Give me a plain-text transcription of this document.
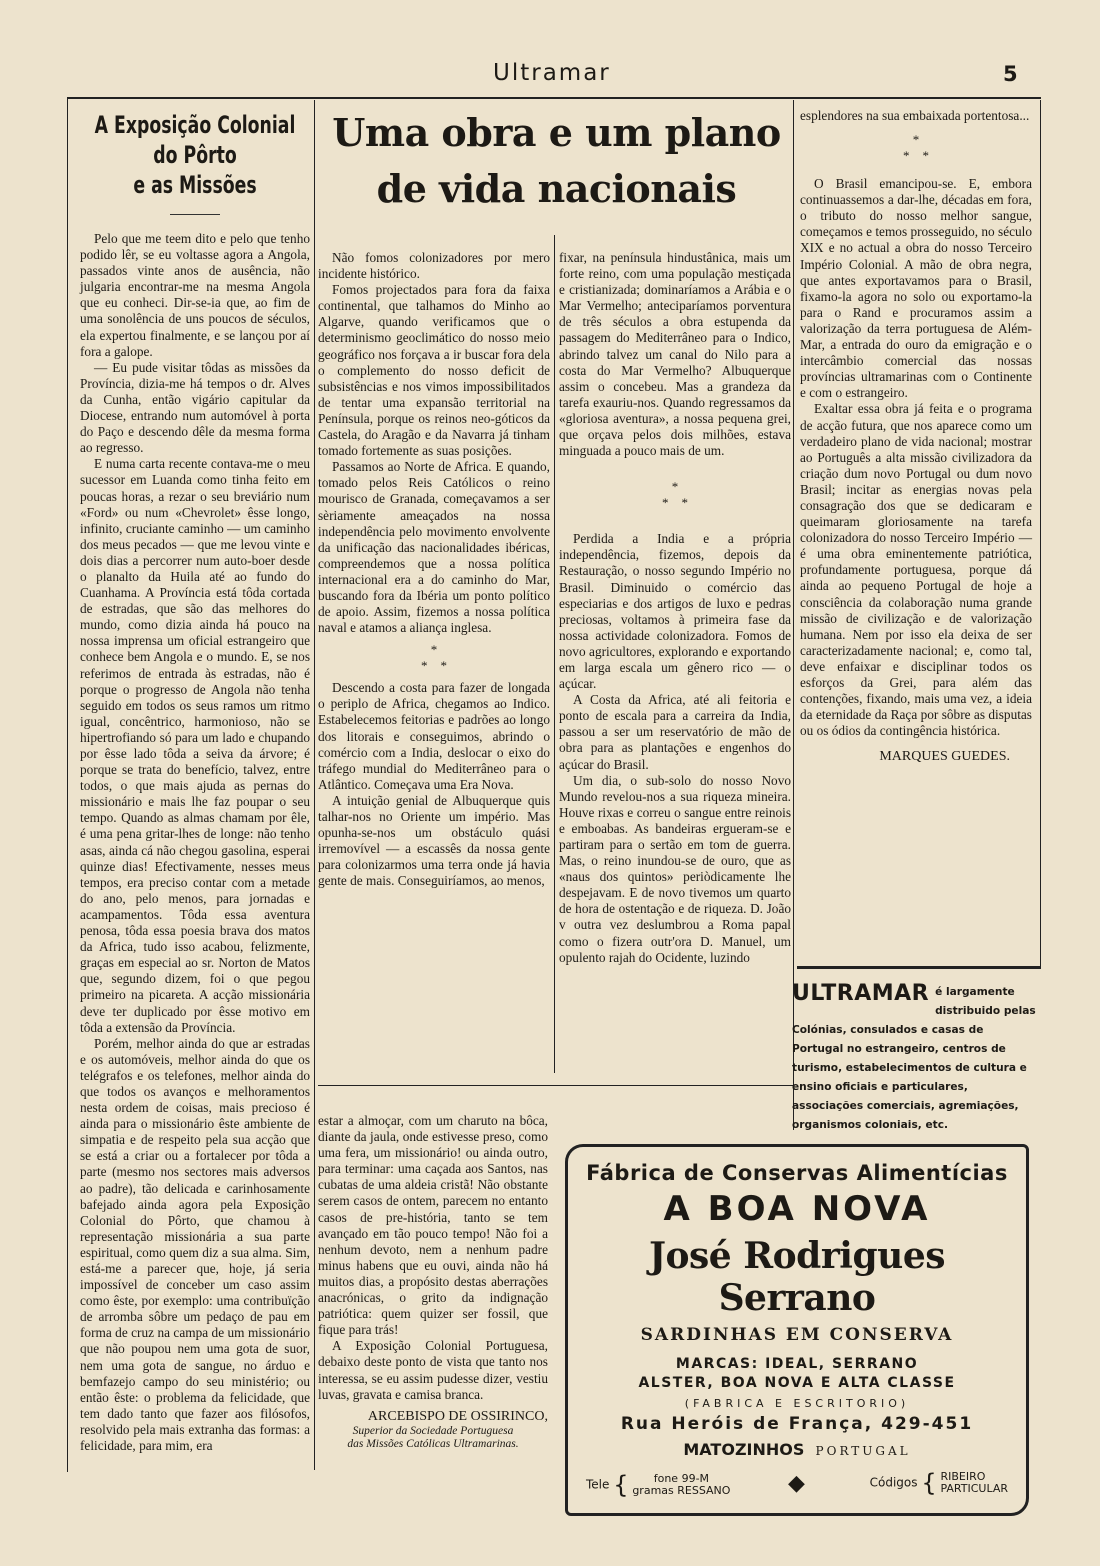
Ultramar	5
A Exposição Colonial do Pôrto
e as Missões

Pelo que me teem dito e pelo que tenho podido lêr, se eu voltasse agora a Angola, passados vinte anos de ausência, não julgaria encontrar-me na mesma Angola que eu conheci. Dir-se-ia que, ao fim de uma sonolência de uns poucos de séculos, ela expertou finalmente, e se lançou por aí fora a galope.

— Eu pude visitar tôdas as missões da Província, dizia-me há tempos o dr. Alves da Cunha, então vigário capitular da Diocese, entrando num automóvel à porta do Paço e descendo dêle da mesma forma ao regresso.

E numa carta recente contava-me o meu sucessor em Luanda como tinha feito em poucas horas, a rezar o seu breviário num «Ford» ou num «Chevrolet» êsse longo, infinito, cruciante caminho — um caminho dos meus pecados — que me levou vinte e dois dias a percorrer num auto-boer desde o planalto da Huila até ao fundo do Cuanhama. A Província está tôda cortada de estradas, que são das melhores do mundo, como dizia ainda há pouco na nossa imprensa um oficial estrangeiro que conhece bem Angola e o mundo. E, se nos referimos de entrada às estradas, não é porque o progresso de Angola não tenha seguido em todos os seus ramos um ritmo igual, concêntrico, harmonioso, não se hipertrofiando só para um lado e chupando por êsse lado tôda a seiva da árvore; é porque se trata do benefício, talvez, entre todos, o que mais ajuda as pernas do missionário e mais lhe faz poupar o seu tempo. Quando as almas chamam por êle, é uma pena gritar-lhes de longe: não tenho asas, ainda cá não chegou gasolina, esperai quinze dias! Efectivamente, nesses meus tempos, era preciso contar com a metade do ano, pelo menos, para jornadas e acampamentos. Tôda essa aventura penosa, tôda essa poesia brava dos matos da Africa, tudo isso acabou, felizmente, graças em especial ao sr. Norton de Matos que, segundo dizem, foi o que pegou primeiro na picareta. A acção missionária deve ter duplicado por êsse motivo em tôda a extensão da Província.

Porém, melhor ainda do que ar estradas e os automóveis, melhor ainda do que os telégrafos e os telefones, melhor ainda do que todos os avanços e melhoramentos nesta ordem de coisas, mais precioso é ainda para o missionário êste ambiente de simpatia e de respeito pela sua acção que se está a criar ou a fortalecer por tôda a parte (mesmo nos sectores mais adversos ao padre), tão delicada e carinhosamente bafejado ainda agora pela Exposição Colonial do Pôrto, que chamou à representação missionária a sua parte espiritual, como quem diz a sua alma. Sim, está-me a parecer que, hoje, já seria impossível de conceber um caso assim como êste, por exemplo: uma contribuïção de arromba sôbre um pedaço de pau em forma de cruz na campa de um missionário que não poupou nem uma gota de suor, nem uma gota de sangue, no árduo e bemfazejo campo do seu ministério; ou então êste: o problema da felicidade, que tem dado tanto que fazer aos filósofos, resolvido pela mais extranha das formas: a felicidade, para mim, era

estar a almoçar, com um charuto na bôca, diante da jaula, onde estivesse preso, como uma fera, um missionário! ou ainda outro, para terminar: uma caçada aos Santos, nas cubatas de uma aldeia cristã! Não obstante serem casos de ontem, parecem no entanto casos de pre-história, tanto se tem avançado em tão pouco tempo! Não foi a nenhum devoto, nem a nenhum padre minus habens que eu ouvi, ainda não há muitos dias, a propósito destas aberrações anacrónicas, o grito da indignação patriótica: quem quizer ser fossil, que fique para trás!

A Exposição Colonial Portuguesa, debaixo deste ponto de vista que tanto nos interessa, se eu assim pudesse dizer, vestiu luvas, gravata e camisa branca.

ARCEBISPO DE OSSIRINCO,
Superior da Sociedade Portuguesa
das Missões Católicas Ultramarinas.
Uma obra e um plano de vida nacionais

Não fomos colonizadores por mero incidente histórico.

Fomos projectados para fora da faixa continental, que talhamos do Minho ao Algarve, quando verificamos que o determinismo geoclimático do nosso meio geográfico nos forçava a ir buscar fora dela o complemento do nosso deficit de subsistências e nos vimos impossibilitados de tentar uma expansão territorial na Península, porque os reinos neo-góticos da Castela, do Aragão e da Navarra já tinham tomado fortemente as suas posições.

Passamos ao Norte de Africa. E quando, tomado pelos Reis Católicos o reino mourisco de Granada, começavamos a ser sèriamente ameaçados na nossa independência pelo movimento envolvente da unificação das nacionalidades ibéricas, compreendemos que a nossa política internacional era a do caminho do Mar, buscando fora da Ibéria um ponto político de apoio. Assim, fizemos a nossa política naval e atamos a aliança inglesa.

*
*    *

Descendo a costa para fazer de longada o periplo de Africa, chegamos ao Indico. Estabelecemos feitorias e padrões ao longo dos litorais e conseguimos, abrindo o comércio com a India, deslocar o eixo do tráfego mundial do Mediterrâneo para o Atlântico. Começava uma Era Nova.

A intuição genial de Albuquerque quis talhar-nos no Oriente um império. Mas opunha-se-nos um obstáculo quási irremovível — a escassês da nossa gente para colonizarmos uma terra onde já havia gente de mais. Conseguiríamos, ao menos,

fixar, na península hindustânica, mais um forte reino, com uma população mestiçada e cristianizada; dominaríamos a Arábia e o Mar Vermelho; anteciparíamos porventura de três séculos a obra estupenda da passagem do Mediterrâneo para o Indico, abrindo talvez um canal do Nilo para a costa do Mar Vermelho? Albuquerque assim o concebeu. Mas a grandeza da tarefa exauriu-nos. Quando regressamos da «gloriosa aventura», a nossa pequena grei, que orçava pelos dois milhões, estava minguada a pouco mais de um.

*
*    *

Perdida a India e a própria independência, fizemos, depois da Restauração, o nosso segundo Império no Brasil. Diminuido o comércio das especiarias e dos artigos de luxo e pedras preciosas, voltamos à primeira fase da nossa actividade colonizadora. Fomos de novo agricultores, explorando e exportando em larga escala um gênero rico — o açúcar.

A Costa da Africa, até ali feitoria e ponto de escala para a carreira da India, passou a ser um reservatório de mão de obra para as plantações e engenhos do açúcar do Brasil.

Um dia, o sub-solo do nosso Novo Mundo revelou-nos a sua riqueza mineira. Houve rixas e correu o sangue entre reinois e emboabas. As bandeiras ergueram-se e partiram para o sertão em tom de guerra. Mas, o reino inundou-se de ouro, que as «naus dos quintos» periòdicamente lhe despejavam. E de novo tivemos um quarto de hora de ostentação e de riqueza. D. João v outra vez deslumbrou a Roma papal como o fizera outr'ora D. Manuel, um opulento rajah do Ocidente, luzindo

esplendores na sua embaixada portentosa...

*
*    *

O Brasil emancipou-se. E, embora continuassemos a dar-lhe, décadas em fora, o tributo do nosso melhor sangue, começamos e temos prosseguido, no século XIX e no actual a obra do nosso Terceiro Império Colonial. A mão de obra negra, que antes exportavamos para o Brasil, fixamo-la agora no solo ou exportamo-la para o Rand e procuramos assim a valorização da terra portuguesa de Além-Mar, a entrada do ouro da emigração e o intercâmbio comercial das nossas províncias ultramarinas com o Continente e com o estrangeiro.

Exaltar essa obra já feita e o programa de acção futura, que nos aparece como um verdadeiro plano de vida nacional; mostrar ao Português a alta missão civilizadora da criação dum novo Portugal ou dum novo Brasil; incitar as energias novas pela consagração dos que se dedicaram e queimaram gloriosamente na tarefa colonizadora do nosso Terceiro Império — é uma obra eminentemente patriótica, profundamente portuguesa, porque dá ainda ao pequeno Portugal de hoje a consciência da colaboração numa grande missão de civilização e de valorização humana. Nem por isso ela deixa de ser caracterizadamente nacional; e, como tal, deve enfaixar e disciplinar todos os esforços da Grei, para além das contenções, fixando, mais uma vez, a ideia da eternidade da Raça por sôbre as disputas ou os ódios da contingência histórica.

MARQUES GUEDES.
ULTRAMAR é largamente distribuido pelas Colónias, consulados e casas de Portugal no estrangeiro, centros de turismo, estabelecimentos de cultura e ensino oficiais e particulares, associações comerciais, agremiações, organismos coloniais, etc.
Fábrica de Conservas Alimentícias
A BOA NOVA
José Rodrigues Serrano
SARDINHAS EM CONSERVA
MARCAS: IDEAL, SERRANO
ALSTER, BOA NOVA E ALTA CLASSE
(FABRICA E ESCRITORIO)
Rua Heróis de França, 429-451
MATOZINHOS PORTUGAL
Tele { fone 99-M
gramas RESSANO	◆	Códigos { RIBEIRO
PARTICULAR
